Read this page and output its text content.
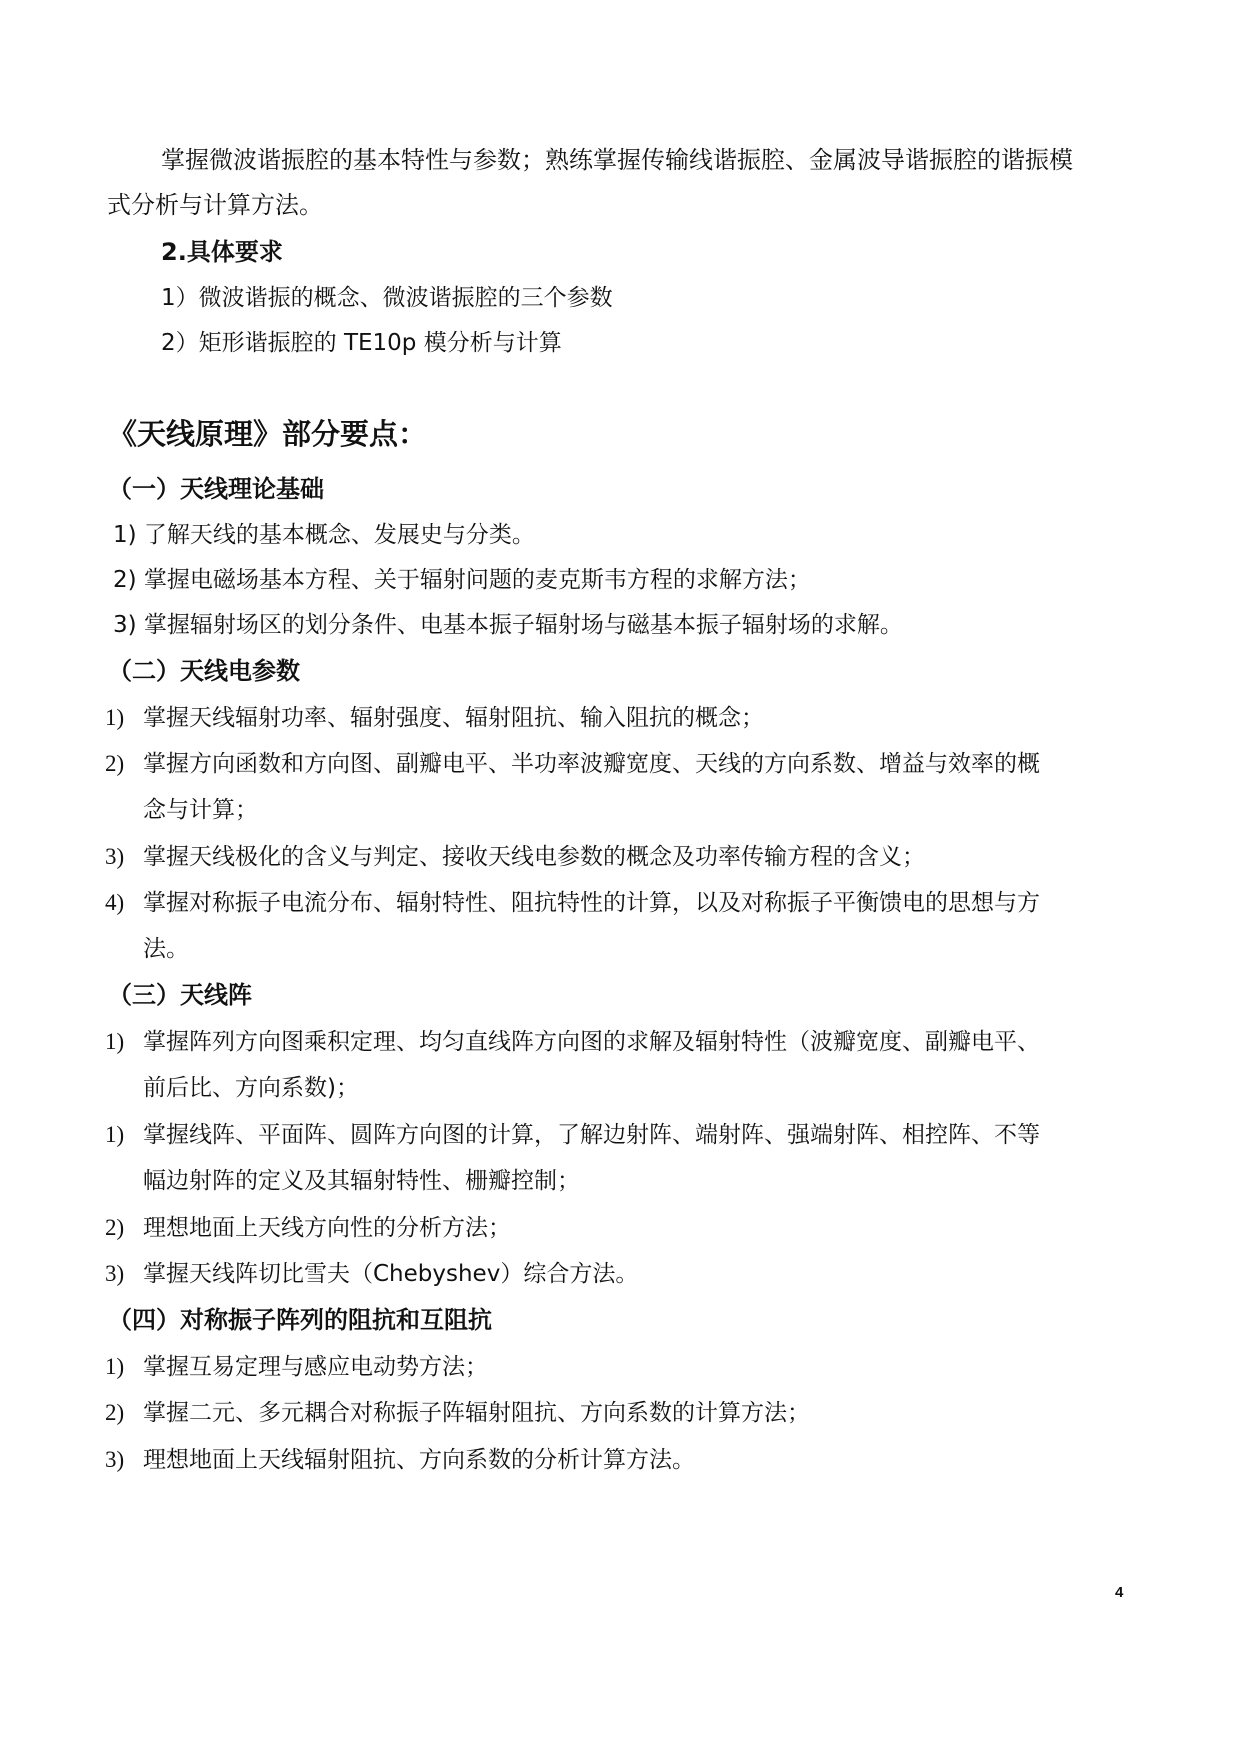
掌握微波谐振腔的基本特性与参数；熟练掌握传输线谐振腔、金属波导谐振腔的谐振模
式分析与计算方法。
2.具体要求
1）微波谐振的概念、微波谐振腔的三个参数
2）矩形谐振腔的 TE10p 模分析与计算
《天线原理》部分要点：
（一）天线理论基础
1) 了解天线的基本概念、发展史与分类。
2) 掌握电磁场基本方程、关于辐射问题的麦克斯韦方程的求解方法；
3) 掌握辐射场区的划分条件、电基本振子辐射场与磁基本振子辐射场的求解。
（二）天线电参数
1) 掌握天线辐射功率、辐射强度、辐射阻抗、输入阻抗的概念；
2) 掌握方向函数和方向图、副瓣电平、半功率波瓣宽度、天线的方向系数、增益与效率的概
念与计算；
3) 掌握天线极化的含义与判定、接收天线电参数的概念及功率传输方程的含义；
4) 掌握对称振子电流分布、辐射特性、阻抗特性的计算，以及对称振子平衡馈电的思想与方
法。
（三）天线阵
1) 掌握阵列方向图乘积定理、均匀直线阵方向图的求解及辐射特性（波瓣宽度、副瓣电平、
前后比、方向系数)；
1) 掌握线阵、平面阵、圆阵方向图的计算，了解边射阵、端射阵、强端射阵、相控阵、不等
幅边射阵的定义及其辐射特性、栅瓣控制；
2) 理想地面上天线方向性的分析方法；
3) 掌握天线阵切比雪夫（Chebyshev）综合方法。
（四）对称振子阵列的阻抗和互阻抗
1) 掌握互易定理与感应电动势方法；
2) 掌握二元、多元耦合对称振子阵辐射阻抗、方向系数的计算方法；
3) 理想地面上天线辐射阻抗、方向系数的分析计算方法。
4
